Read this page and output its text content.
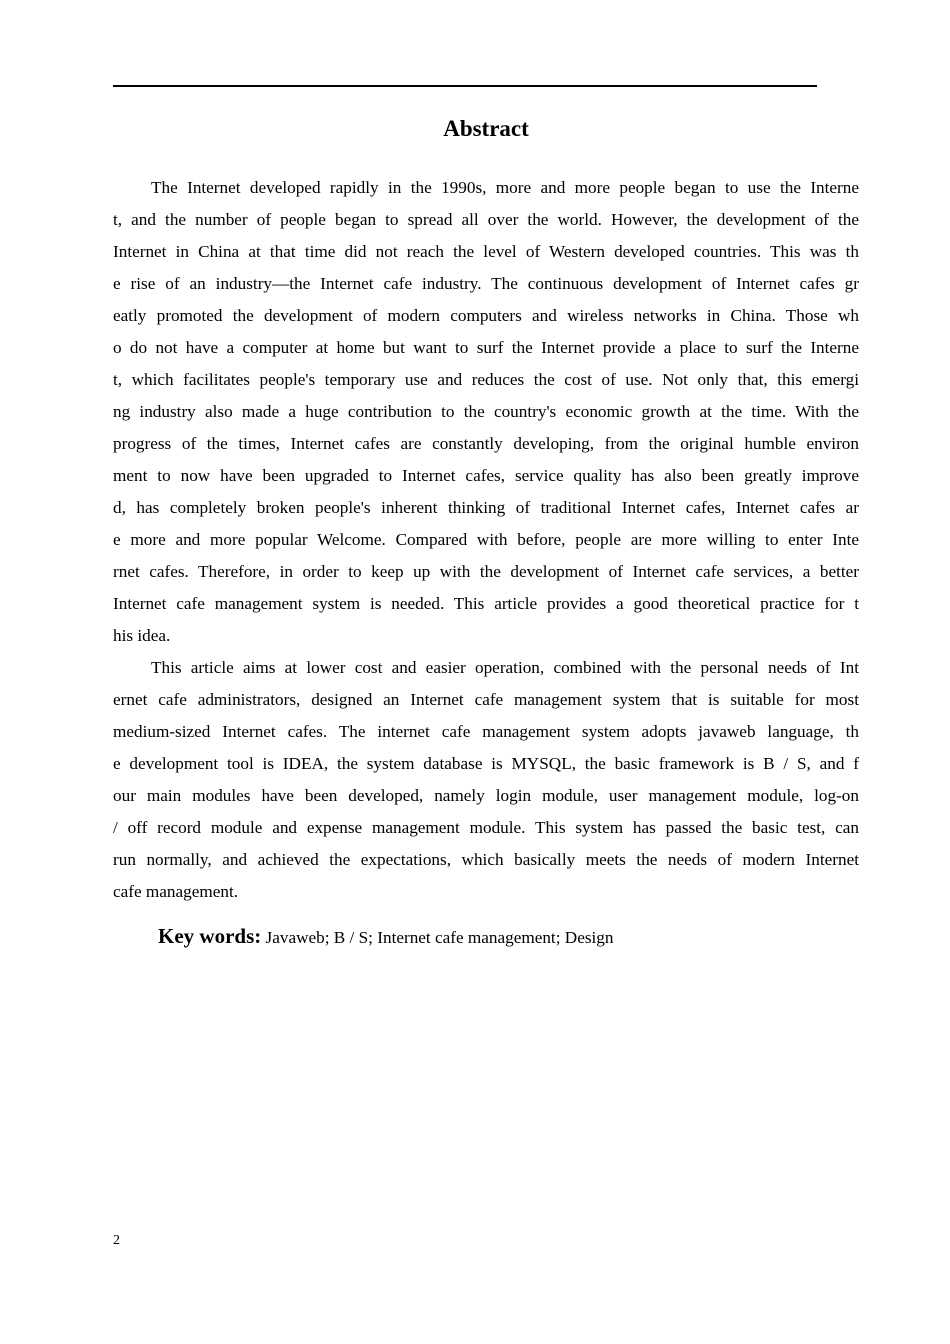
Abstract

The Internet developed rapidly in the 1990s, more and more people began to use the Interne

t, and the number of people began to spread all over the world. However, the development of the

Internet in China at that time did not reach the level of Western developed countries. This was th

e rise of an industry—the Internet cafe industry. The continuous development of Internet cafes gr

eatly promoted the development of modern computers and wireless networks in China. Those wh

o do not have a computer at home but want to surf the Internet provide a place to surf the Interne

t, which facilitates people's temporary use and reduces the cost of use. Not only that, this emergi

ng industry also made a huge contribution to the country's economic growth at the time. With the

progress of the times, Internet cafes are constantly developing, from the original humble environ

ment to now have been upgraded to Internet cafes, service quality has also been greatly improve

d, has completely broken people's inherent thinking of traditional Internet cafes, Internet cafes ar

e more and more popular Welcome. Compared with before, people are more willing to enter Inte

rnet cafes. Therefore, in order to keep up with the development of Internet cafe services, a better

Internet cafe management system is needed. This article provides a good theoretical practice for t

his idea.

This article aims at lower cost and easier operation, combined with the personal needs of Int

ernet cafe administrators, designed an Internet cafe management system that is suitable for most

medium-sized Internet cafes. The internet cafe management system adopts javaweb language, th

e development tool is IDEA, the system database is MYSQL, the basic framework is B / S, and f

our main modules have been developed, namely login module, user management module, log-on

/ off record module and expense management module. This system has passed the basic test, can

run normally, and achieved the expectations, which basically meets the needs of modern Internet

cafe management.

Key words: Javaweb; B / S; Internet cafe management; Design

2
